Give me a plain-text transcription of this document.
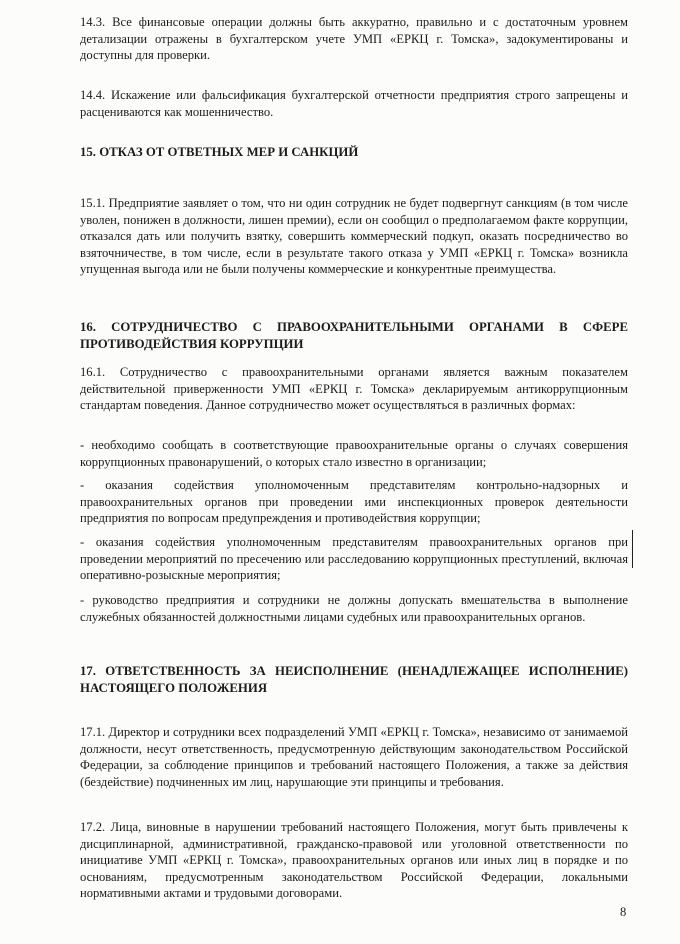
14.3. Все финансовые операции должны быть аккуратно, правильно и с достаточным уровнем детализации отражены в бухгалтерском учете УМП «ЕРКЦ г. Томска», задокументированы и доступны для проверки.

14.4. Искажение или фальсификация бухгалтерской отчетности предприятия строго запрещены и расцениваются как мошенничество.

15. ОТКАЗ ОТ ОТВЕТНЫХ МЕР И САНКЦИЙ

15.1. Предприятие заявляет о том, что ни один сотрудник не будет подвергнут санкциям (в том числе уволен, понижен в должности, лишен премии), если он сообщил о предполагаемом факте коррупции, отказался дать или получить взятку, совершить коммерческий подкуп, оказать посредничество во взяточничестве, в том числе, если в результате такого отказа у УМП «ЕРКЦ г. Томска» возникла упущенная выгода или не были получены коммерческие и конкурентные преимущества.

16. СОТРУДНИЧЕСТВО С ПРАВООХРАНИТЕЛЬНЫМИ ОРГАНАМИ В СФЕРЕ ПРОТИВОДЕЙСТВИЯ КОРРУПЦИИ

16.1. Сотрудничество с правоохранительными органами является важным показателем действительной приверженности УМП «ЕРКЦ г. Томска» декларируемым антикоррупционным стандартам поведения. Данное сотрудничество может осуществляться в различных формах:

- необходимо сообщать в соответствующие правоохранительные органы о случаях совершения коррупционных правонарушений, о которых стало известно в организации;

- оказания содействия уполномоченным представителям контрольно-надзорных и правоохранительных органов при проведении ими инспекционных проверок деятельности предприятия по вопросам предупреждения и противодействия коррупции;

- оказания содействия уполномоченным представителям правоохранительных органов при проведении мероприятий по пресечению или расследованию коррупционных преступлений, включая оперативно-розыскные мероприятия;

- руководство предприятия и сотрудники не должны допускать вмешательства в выполнение служебных обязанностей должностными лицами судебных или правоохранительных органов.

17. ОТВЕТСТВЕННОСТЬ ЗА НЕИСПОЛНЕНИЕ (НЕНАДЛЕЖАЩЕЕ ИСПОЛНЕНИЕ) НАСТОЯЩЕГО ПОЛОЖЕНИЯ

17.1. Директор и сотрудники всех подразделений УМП «ЕРКЦ г. Томска», независимо от занимаемой должности, несут ответственность, предусмотренную действующим законодательством Российской Федерации, за соблюдение принципов и требований настоящего Положения, а также за действия (бездействие) подчиненных им лиц, нарушающие эти принципы и требования.

17.2. Лица, виновные в нарушении требований настоящего Положения, могут быть привлечены к дисциплинарной, административной, гражданско-правовой или уголовной ответственности по инициативе УМП «ЕРКЦ г. Томска», правоохранительных органов или иных лиц в порядке и по основаниям, предусмотренным законодательством Российской Федерации, локальными нормативными актами и трудовыми договорами.

8
